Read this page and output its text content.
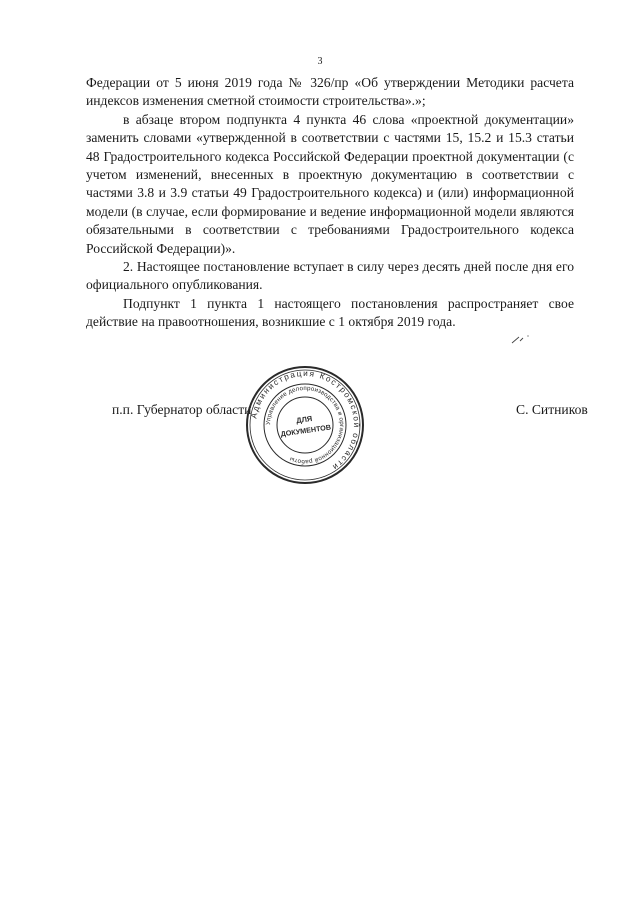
3

Федерации от 5 июня 2019 года № 326/пр «Об утверждении Методики расчета индексов изменения сметной стоимости строительства».»;

в абзаце втором подпункта 4 пункта 46 слова «проектной документации» заменить словами «утвержденной в соответствии с частями 15, 15.2 и 15.3 статьи 48 Градостроительного кодекса Российской Федерации проектной документации (с учетом изменений, внесенных в проектную документацию в соответствии с частями 3.8 и 3.9 статьи 49 Градостроительного кодекса) и (или) информационной модели (в случае, если формирование и ведение информационной модели являются обязательными в соответствии с требованиями Градостроительного кодекса Российской Федерации)».

2. Настоящее постановление вступает в силу через десять дней после дня его официального опубликования.

Подпункт 1 пункта 1 настоящего постановления распространяет свое действие на правоотношения, возникшие с 1 октября 2019 года.

п.п. Губернатор области	С. Ситников
Администрация Костромской области
Управление делопроизводства и организационной работы
ДЛЯ
ДОКУМЕНТОВ
